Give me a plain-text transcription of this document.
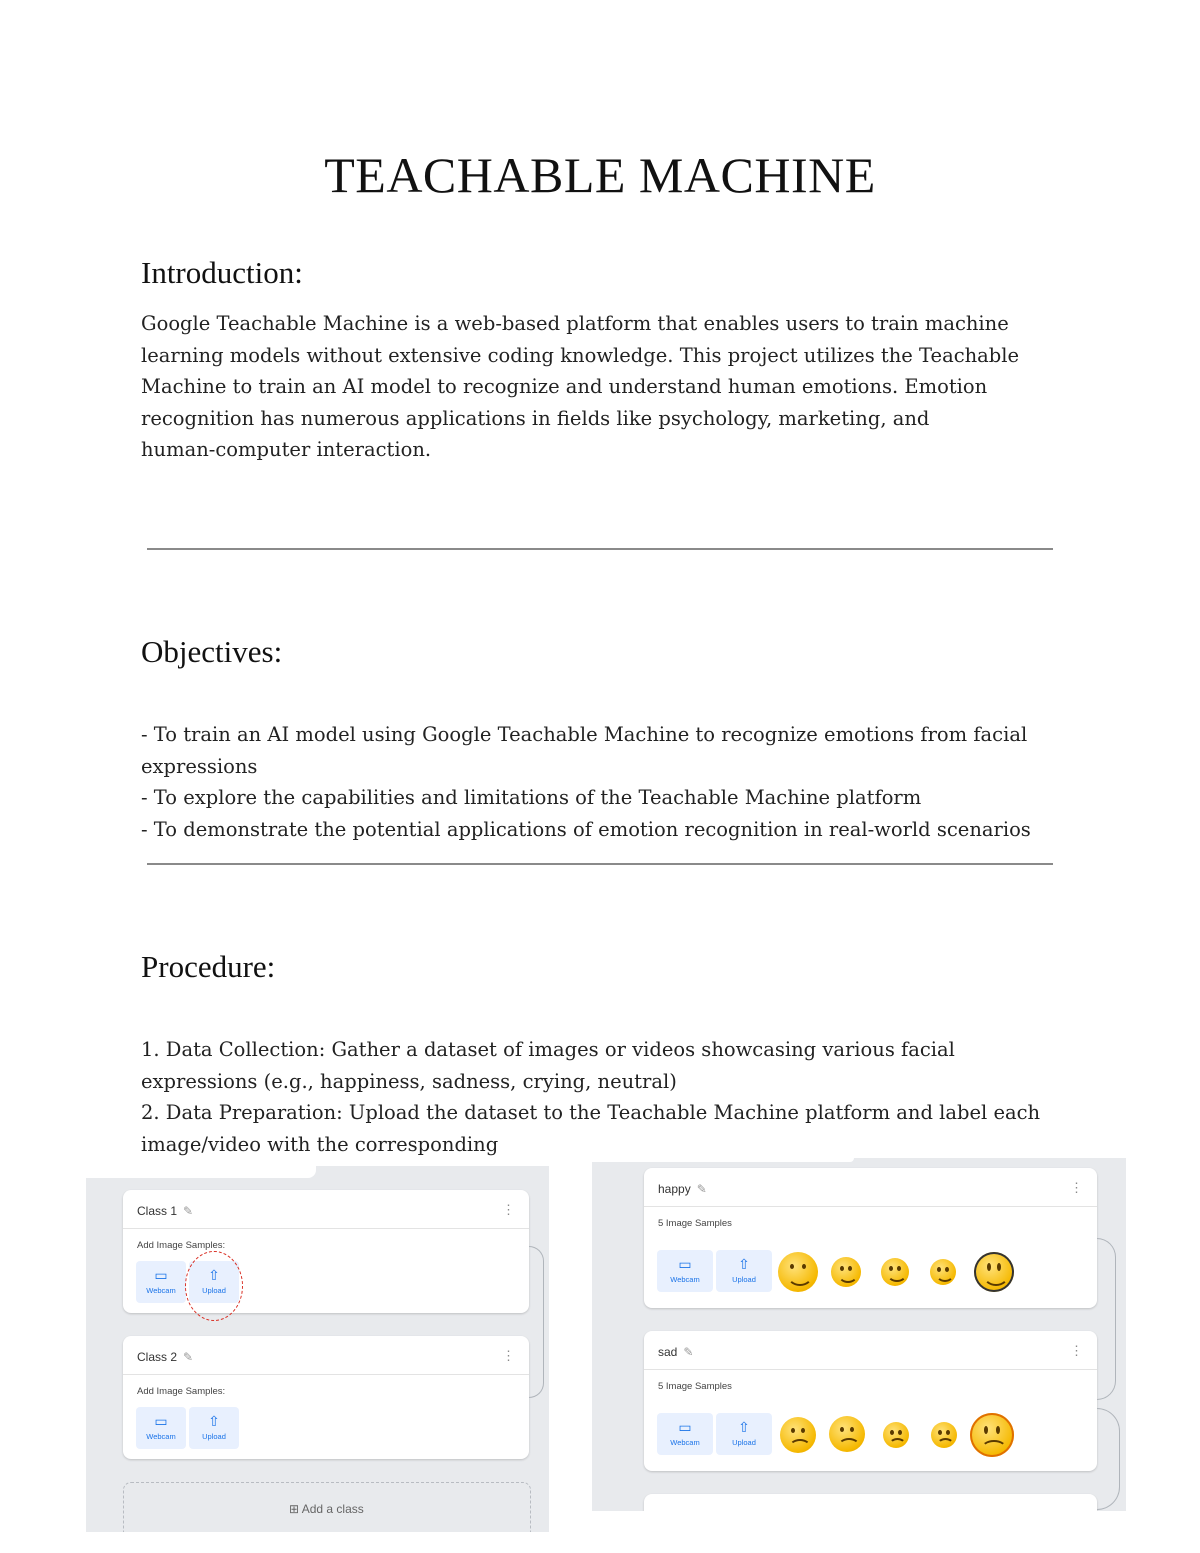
TEACHABLE MACHINE
Introduction:
Google Teachable Machine is a web-based platform that enables users to train machine
learning models without extensive coding knowledge. This project utilizes the Teachable
Machine to train an AI model to recognize and understand human emotions. Emotion
recognition has numerous applications in fields like psychology, marketing, and
human-computer interaction.
Objectives:
- To train an AI model using Google Teachable Machine to recognize emotions from facial
expressions
- To explore the capabilities and limitations of the Teachable Machine platform
- To demonstrate the potential applications of emotion recognition in real-world scenarios
Procedure:
1. Data Collection: Gather a dataset of images or videos showcasing various facial
expressions (e.g., happiness, sadness, crying, neutral)
2. Data Preparation: Upload the dataset to the Teachable Machine platform and label each
image/video with the corresponding
Class 1 ✎	⋮
Add Image Samples:
▭
Webcam
⇧
Upload
Class 2 ✎	⋮
Add Image Samples:
▭
Webcam
⇧
Upload
⊞ Add a class
happy ✎	⋮
5 Image Samples
▭
Webcam
⇧
Upload
sad ✎	⋮
5 Image Samples
▭
Webcam
⇧
Upload
